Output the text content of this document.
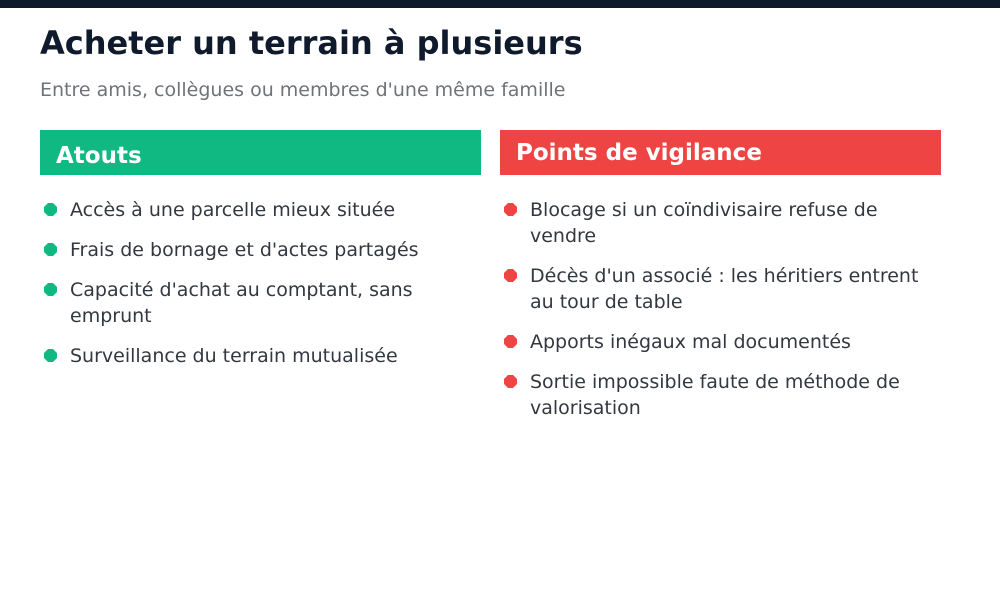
Acheter un terrain à plusieurs

Entre amis, collègues ou membres d'une même famille

Atouts
Accès à une parcelle mieux située
Frais de bornage et d'actes partagés
Capacité d'achat au comptant, sans emprunt
Surveillance du terrain mutualisée
Points de vigilance
Blocage si un coïndivisaire refuse de vendre
Décès d'un associé : les héritiers entrent au tour de table
Apports inégaux mal documentés
Sortie impossible faute de méthode de valorisation
